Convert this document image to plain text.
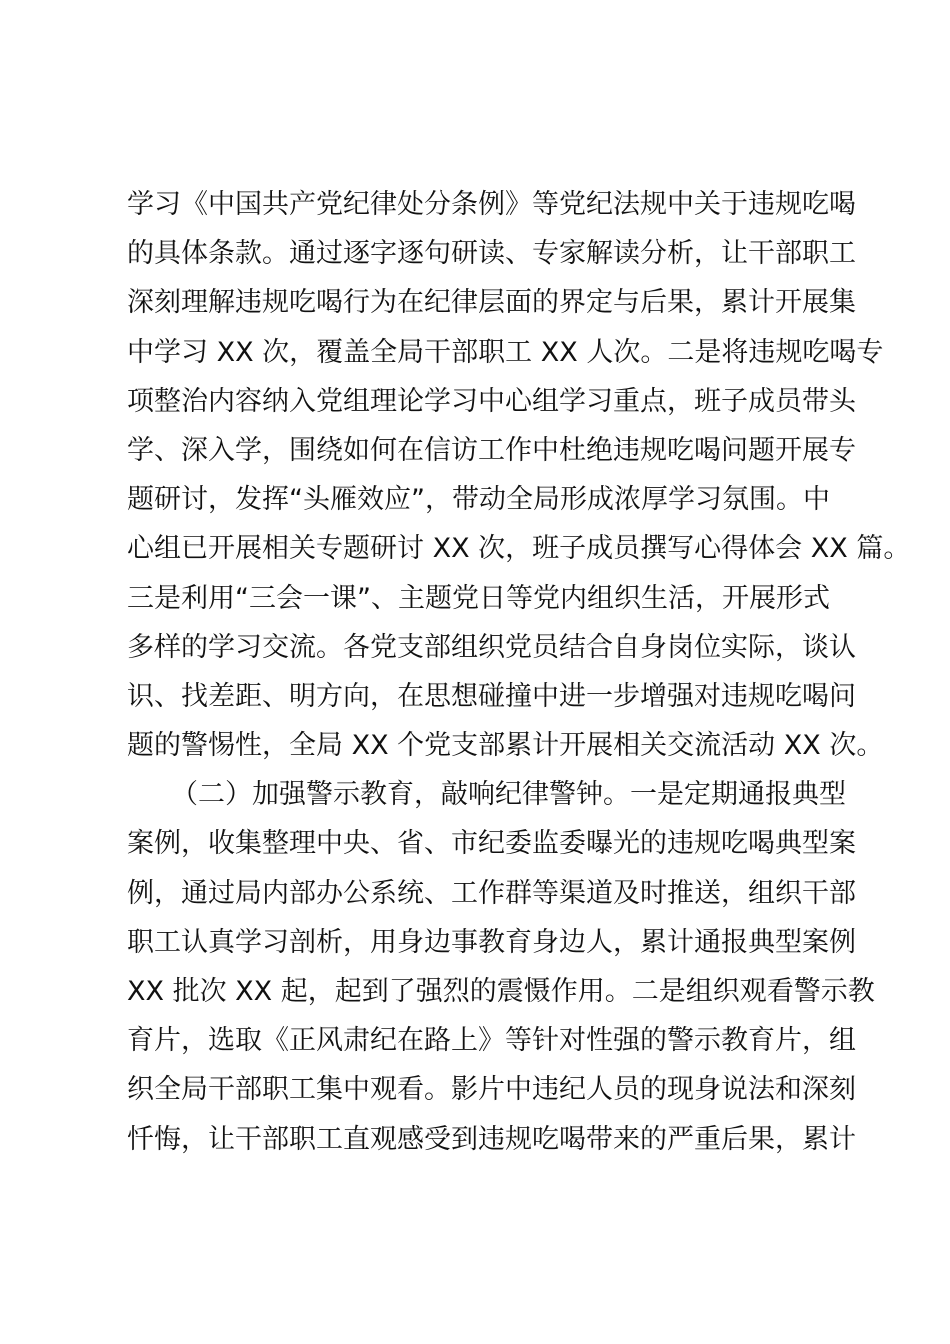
学习《中国共产党纪律处分条例》等党纪法规中关于违规吃喝
的具体条款。通过逐字逐句研读、专家解读分析，让干部职工
深刻理解违规吃喝行为在纪律层面的界定与后果，累计开展集
中学习 XX 次，覆盖全局干部职工 XX 人次。二是将违规吃喝专
项整治内容纳入党组理论学习中心组学习重点，班子成员带头
学、深入学，围绕如何在信访工作中杜绝违规吃喝问题开展专
题研讨，发挥“头雁效应”，带动全局形成浓厚学习氛围。中
心组已开展相关专题研讨 XX 次，班子成员撰写心得体会 XX 篇。
三是利用“三会一课”、主题党日等党内组织生活，开展形式
多样的学习交流。各党支部组织党员结合自身岗位实际，谈认
识、找差距、明方向，在思想碰撞中进一步增强对违规吃喝问
题的警惕性，全局 XX 个党支部累计开展相关交流活动 XX 次。
（二）加强警示教育，敲响纪律警钟。一是定期通报典型
案例，收集整理中央、省、市纪委监委曝光的违规吃喝典型案
例，通过局内部办公系统、工作群等渠道及时推送，组织干部
职工认真学习剖析，用身边事教育身边人，累计通报典型案例
XX 批次 XX 起，起到了强烈的震慑作用。二是组织观看警示教
育片，选取《正风肃纪在路上》等针对性强的警示教育片，组
织全局干部职工集中观看。影片中违纪人员的现身说法和深刻
忏悔，让干部职工直观感受到违规吃喝带来的严重后果，累计
